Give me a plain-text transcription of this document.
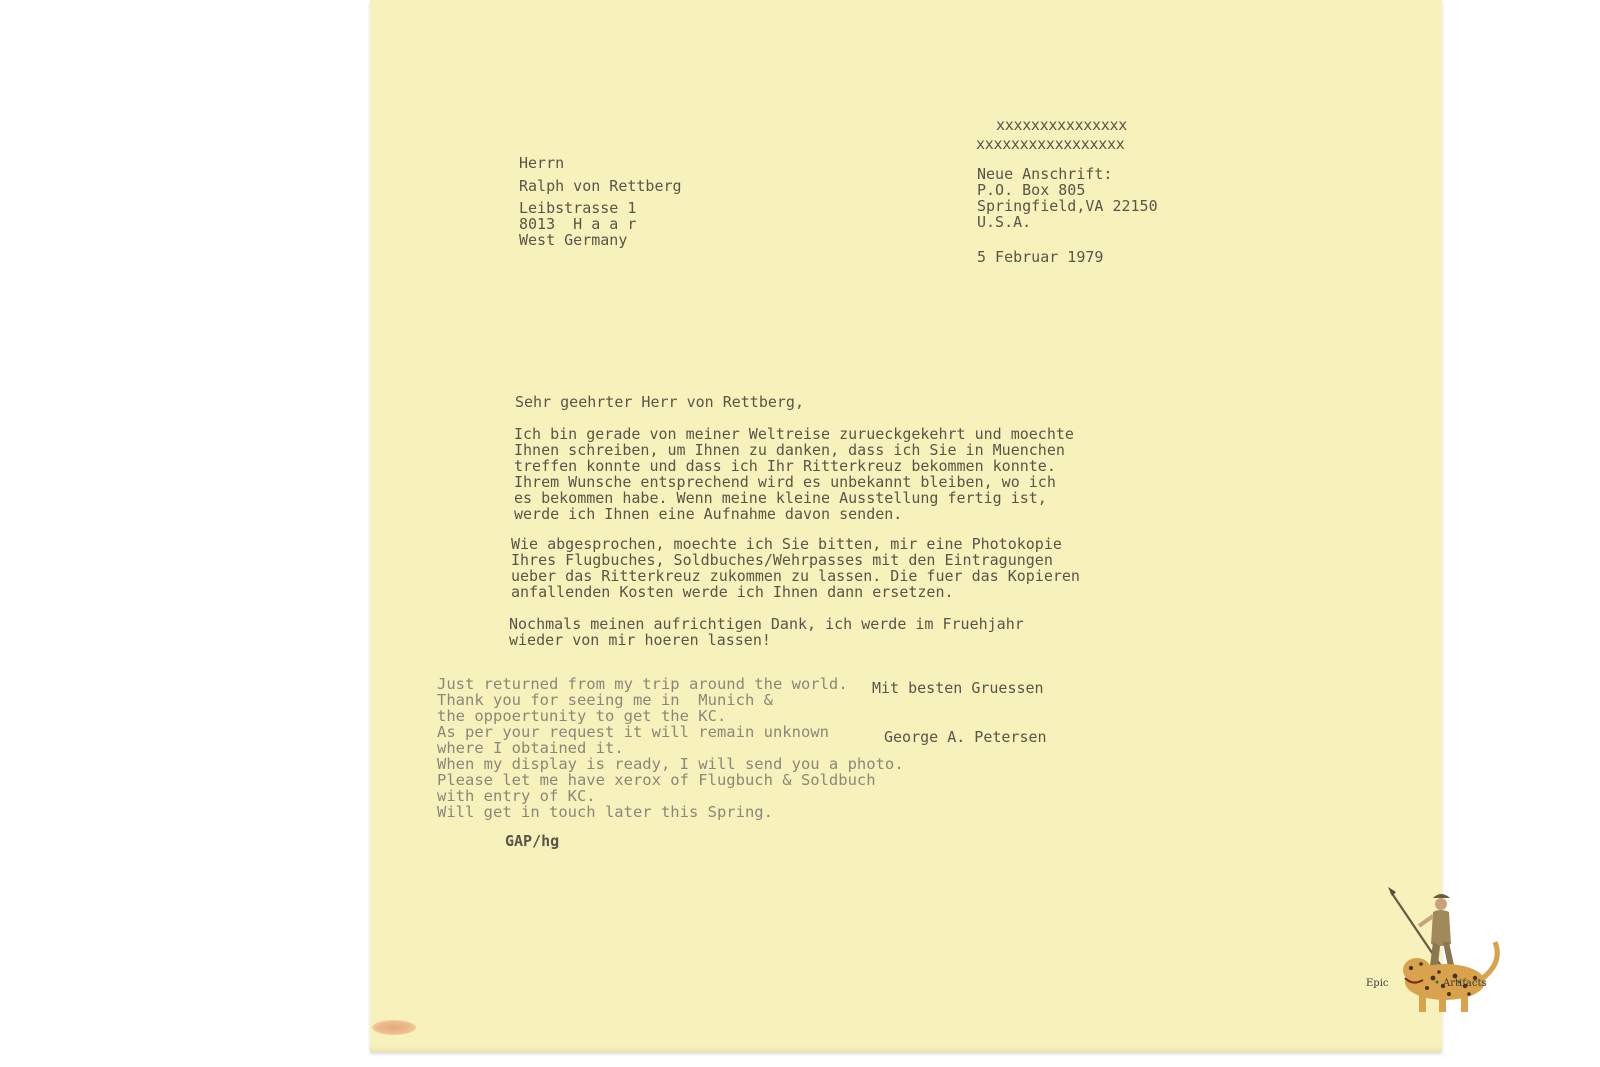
xxxxxxxxxxxxxxx

xxxxxxxxxxxxxxxxx

Neue Anschrift:
P.O. Box 805
Springfield,VA 22150
U.S.A.

5 Februar 1979

Herrn

Ralph von Rettberg

Leibstrasse 1
8013  H a a r
West Germany

Sehr geehrter Herr von Rettberg,

Ich bin gerade von meiner Weltreise zurueckgekehrt und moechte
Ihnen schreiben, um Ihnen zu danken, dass ich Sie in Muenchen
treffen konnte und dass ich Ihr Ritterkreuz bekommen konnte.
Ihrem Wunsche entsprechend wird es unbekannt bleiben, wo ich
es bekommen habe. Wenn meine kleine Ausstellung fertig ist,
werde ich Ihnen eine Aufnahme davon senden.

Wie abgesprochen, moechte ich Sie bitten, mir eine Photokopie
Ihres Flugbuches, Soldbuches/Wehrpasses mit den Eintragungen
ueber das Ritterkreuz zukommen zu lassen. Die fuer das Kopieren
anfallenden Kosten werde ich Ihnen dann ersetzen.

Nochmals meinen aufrichtigen Dank, ich werde im Fruehjahr
wieder von mir hoeren lassen!

Just returned from my trip around the world.
Thank you for seeing me in  Munich &
the oppoertunity to get the KC.
As per your request it will remain unknown
where I obtained it.
When my display is ready, I will send you a photo.
Please let me have xerox of Flugbuch & Soldbuch
with entry of KC.
Will get in touch later this Spring.

Mit besten Gruessen

George A. Petersen

GAP/hg

Epic	Artifacts
